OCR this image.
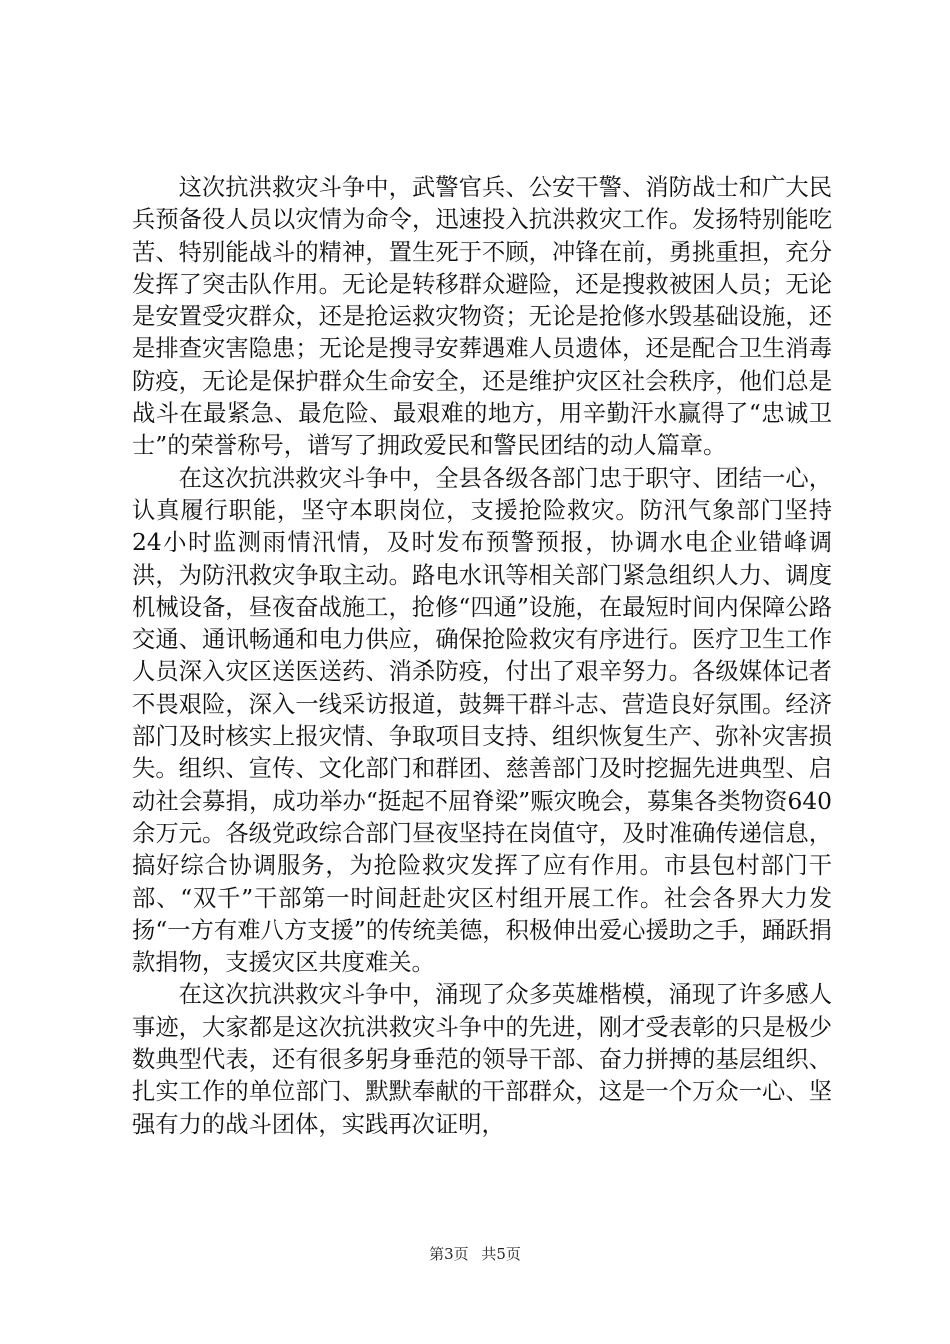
这次抗洪救灾斗争中，武警官兵、公安干警、消防战士和广大民兵预备役人员以灾情为命令，迅速投入抗洪救灾工作。发扬特别能吃苦、特别能战斗的精神，置生死于不顾，冲锋在前，勇挑重担，充分发挥了突击队作用。无论是转移群众避险，还是搜救被困人员；无论是安置受灾群众，还是抢运救灾物资；无论是抢修水毁基础设施，还是排查灾害隐患；无论是搜寻安葬遇难人员遗体，还是配合卫生消毒防疫，无论是保护群众生命安全，还是维护灾区社会秩序，他们总是战斗在最紧急、最危险、最艰难的地方，用辛勤汗水赢得了“忠诚卫士”的荣誉称号，谱写了拥政爱民和警民团结的动人篇章。

在这次抗洪救灾斗争中，全县各级各部门忠于职守、团结一心，认真履行职能，坚守本职岗位，支援抢险救灾。防汛气象部门坚持24小时监测雨情汛情，及时发布预警预报，协调水电企业错峰调洪，为防汛救灾争取主动。路电水讯等相关部门紧急组织人力、调度机械设备，昼夜奋战施工，抢修“四通”设施，在最短时间内保障公路交通、通讯畅通和电力供应，确保抢险救灾有序进行。医疗卫生工作人员深入灾区送医送药、消杀防疫，付出了艰辛努力。各级媒体记者不畏艰险，深入一线采访报道，鼓舞干群斗志、营造良好氛围。经济部门及时核实上报灾情、争取项目支持、组织恢复生产、弥补灾害损失。组织、宣传、文化部门和群团、慈善部门及时挖掘先进典型、启动社会募捐，成功举办“挺起不屈脊梁”赈灾晚会，募集各类物资640余万元。各级党政综合部门昼夜坚持在岗值守，及时准确传递信息，搞好综合协调服务，为抢险救灾发挥了应有作用。市县包村部门干部、“双千”干部第一时间赶赴灾区村组开展工作。社会各界大力发扬“一方有难八方支援”的传统美德，积极伸出爱心援助之手，踊跃捐款捐物，支援灾区共度难关。

在这次抗洪救灾斗争中，涌现了众多英雄楷模，涌现了许多感人事迹，大家都是这次抗洪救灾斗争中的先进，刚才受表彰的只是极少数典型代表，还有很多躬身垂范的领导干部、奋力拼搏的基层组织、扎实工作的单位部门、默默奉献的干部群众，这是一个万众一心、坚强有力的战斗团体，实践再次证明，

第3页 共5页
